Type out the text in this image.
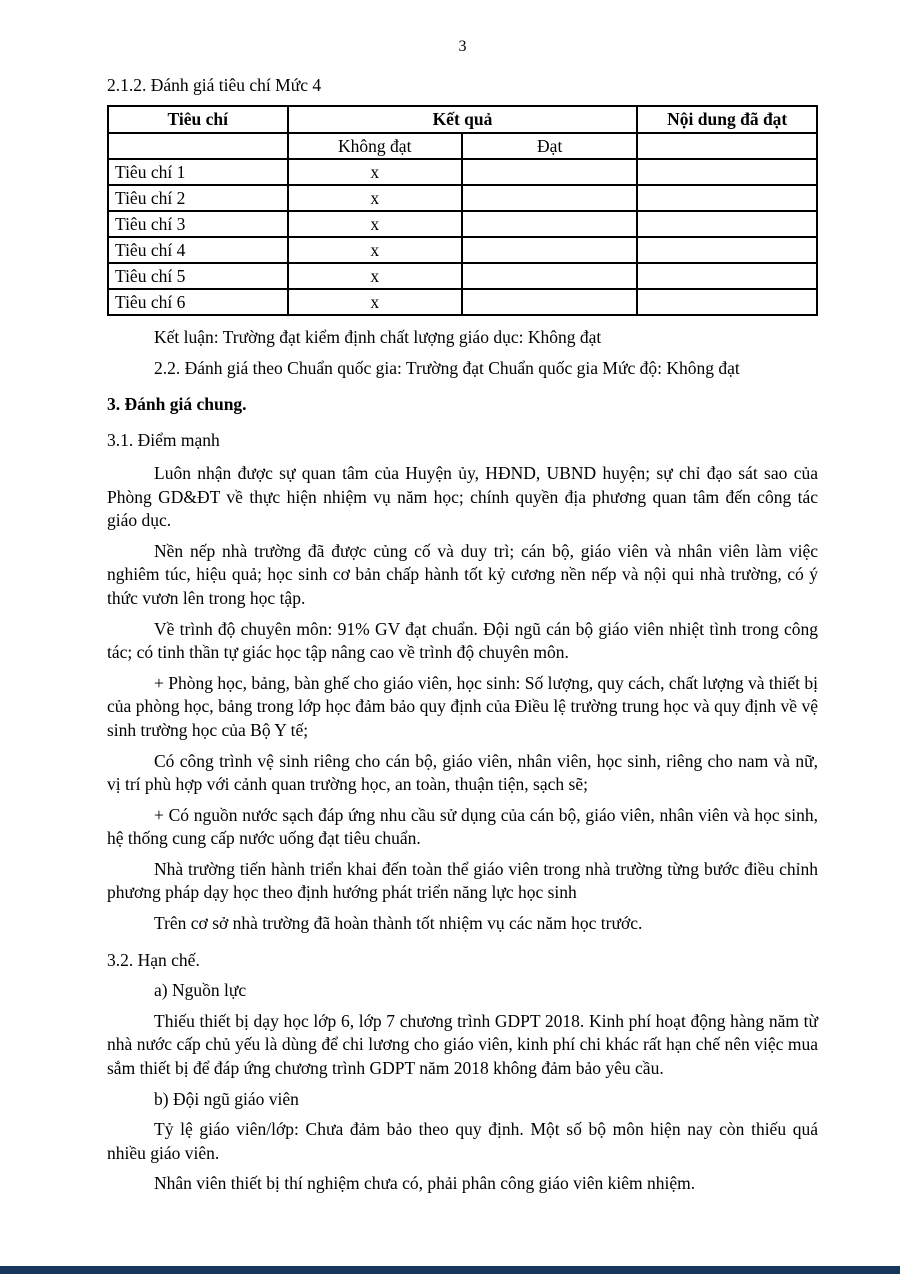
3
2.1.2. Đánh giá tiêu chí Mức 4
Tiêu chí	Kết quả		Nội dung đã đạt
	Không đạt	Đạt	
Tiêu chí 1	x		
Tiêu chí 2	x		
Tiêu chí 3	x		
Tiêu chí 4	x		
Tiêu chí 5	x		
Tiêu chí 6	x		
Kết luận: Trường đạt kiểm định chất lượng giáo dục: Không đạt
2.2. Đánh giá theo Chuẩn quốc gia: Trường đạt Chuẩn quốc gia Mức độ: Không đạt
3. Đánh giá chung.
3.1. Điểm mạnh

Luôn nhận được sự quan tâm của Huyện ủy, HĐND, UBND huyện; sự chỉ đạo sát sao của Phòng GD&ĐT về thực hiện nhiệm vụ năm học; chính quyền địa phương quan tâm đến công tác giáo dục.

Nền nếp nhà trường đã được củng cố và duy trì; cán bộ, giáo viên và nhân viên làm việc nghiêm túc, hiệu quả; học sinh cơ bản chấp hành tốt kỷ cương nền nếp và nội qui nhà trường, có ý thức vươn lên trong học tập.

Về trình độ chuyên môn: 91% GV đạt chuẩn. Đội ngũ cán bộ giáo viên nhiệt tình trong công tác; có tinh thần tự giác học tập nâng cao về trình độ chuyên môn.

+ Phòng học, bảng, bàn ghế cho giáo viên, học sinh: Số lượng, quy cách, chất lượng và thiết bị của phòng học, bảng trong lớp học đảm bảo quy định của Điều lệ trường trung học và quy định về vệ sinh trường học của Bộ Y tế;

Có công trình vệ sinh riêng cho cán bộ, giáo viên, nhân viên, học sinh, riêng cho nam và nữ, vị trí phù hợp với cảnh quan trường học, an toàn, thuận tiện, sạch sẽ;

+ Có nguồn nước sạch đáp ứng nhu cầu sử dụng của cán bộ, giáo viên, nhân viên và học sinh, hệ thống cung cấp nước uống đạt tiêu chuẩn.

Nhà trường tiến hành triển khai đến toàn thể giáo viên trong nhà trường từng bước điều chỉnh phương pháp dạy học theo định hướng phát triển năng lực học sinh

Trên cơ sở nhà trường đã hoàn thành tốt nhiệm vụ các năm học trước.

3.2. Hạn chế.

a) Nguồn lực

Thiếu thiết bị dạy học lớp 6, lớp 7 chương trình GDPT 2018. Kinh phí hoạt động hàng năm từ nhà nước cấp chủ yếu là dùng để chi lương cho giáo viên, kinh phí chi khác rất hạn chế nên việc mua sắm thiết bị để đáp ứng chương trình GDPT năm 2018 không đảm bảo yêu cầu.

b) Đội ngũ giáo viên

Tỷ lệ giáo viên/lớp: Chưa đảm bảo theo quy định. Một số bộ môn hiện nay còn thiếu quá nhiều giáo viên.

Nhân viên thiết bị thí nghiệm chưa có, phải phân công giáo viên kiêm nhiệm.
